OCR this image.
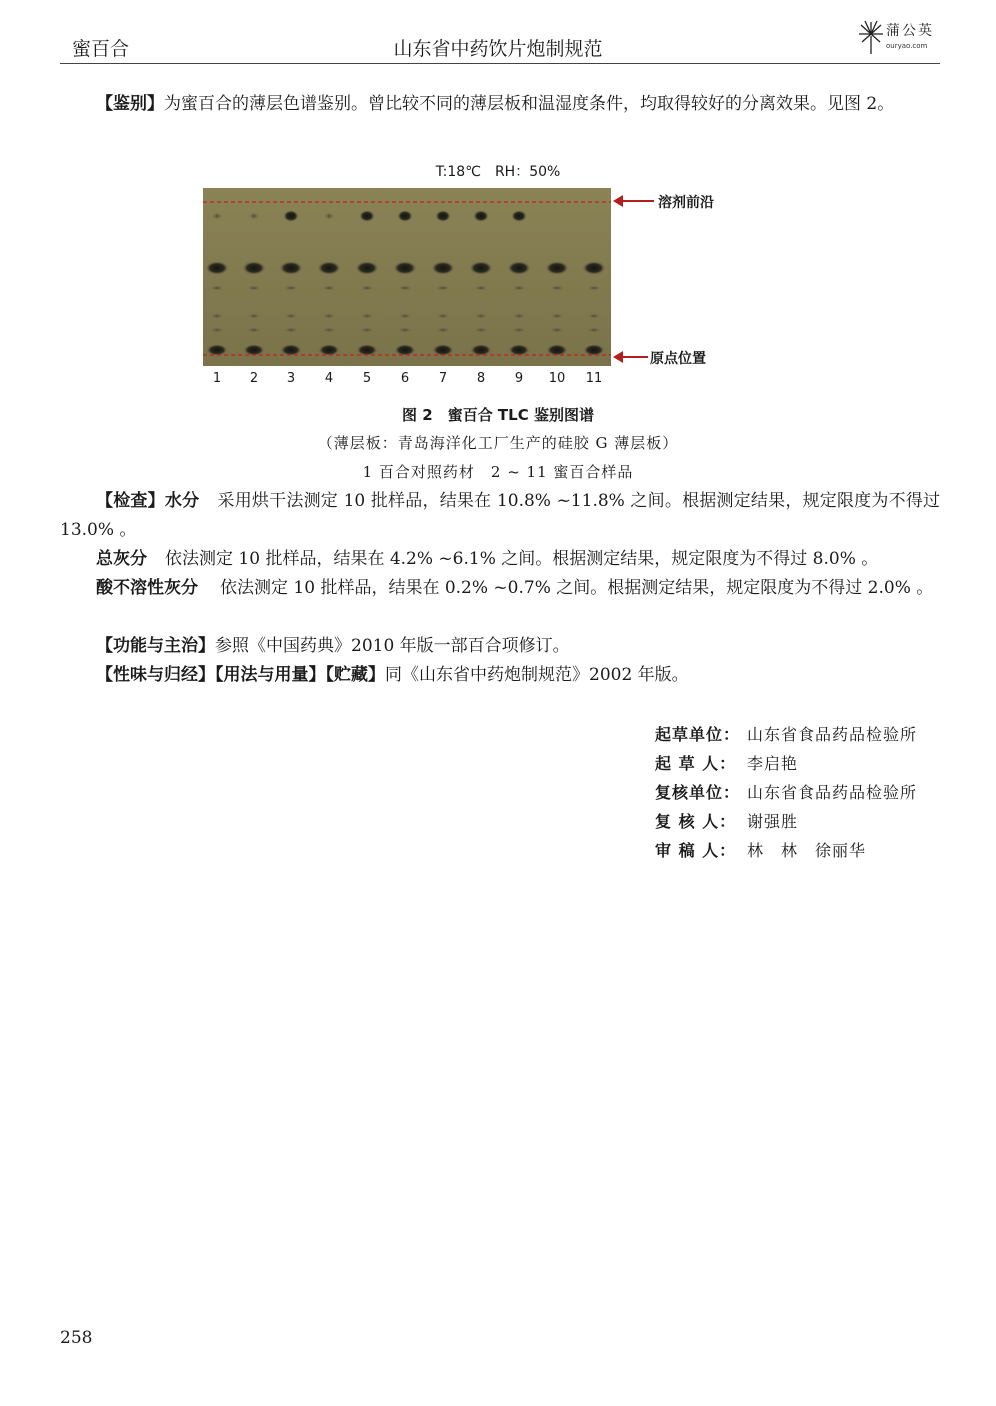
蜜百合	山东省中药饮片炮制规范
蒲公英
ouryao.com
【鉴别】为蜜百合的薄层色谱鉴别。曾比较不同的薄层板和温湿度条件，均取得较好的分离效果。见图 2。
T:18℃　RH：50%
溶剂前沿
原点位置
1	2	3	4	5	6	7	8	9	10 11
图 2　蜜百合 TLC 鉴别图谱
（薄层板：青岛海洋化工厂生产的硅胶 G 薄层板）
1 百合对照药材　2 ~ 11 蜜百合样品
【检查】水分 采用烘干法测定 10 批样品，结果在 10.8% ~11.8% 之间。根据测定结果，规定限度为不得过 13.0% 。
总灰分 依法测定 10 批样品，结果在 4.2% ~6.1% 之间。根据测定结果，规定限度为不得过 8.0% 。
酸不溶性灰分 依法测定 10 批样品，结果在 0.2% ~0.7% 之间。根据测定结果，规定限度为不得过 2.0% 。
【功能与主治】参照《中国药典》2010 年版一部百合项修订。
【性味与归经】【用法与用量】【贮藏】同《山东省中药炮制规范》2002 年版。
起草单位： 山东省食品药品检验所
起 草 人： 李启艳
复核单位： 山东省食品药品检验所
复 核 人： 谢强胜
审 稿 人： 林　林　徐丽华
258
